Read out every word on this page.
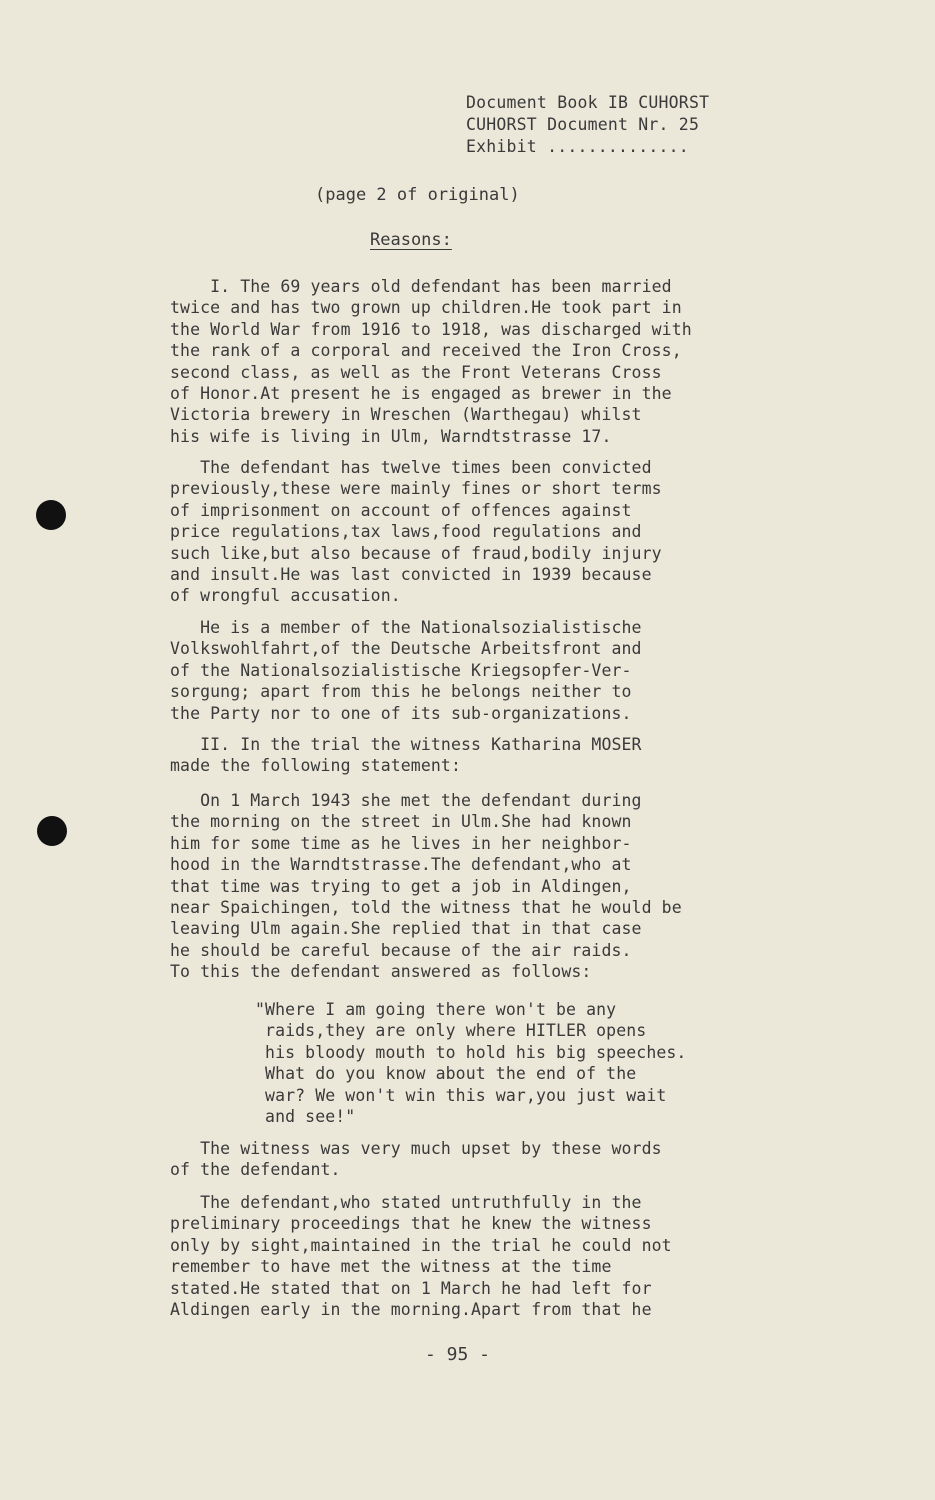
Document Book IB CUHORST
CUHORST Document Nr. 25
Exhibit ..............
(page 2 of original)
Reasons:
I. The 69 years old defendant has been married
twice and has two grown up children.He took part in
the World War from 1916 to 1918, was discharged with
the rank of a corporal and received the Iron Cross,
second class, as well as the Front Veterans Cross
of Honor.At present he is engaged as brewer in the
Victoria brewery in Wreschen (Warthegau) whilst
his wife is living in Ulm, Warndtstrasse 17.
The defendant has twelve times been convicted
previously,these were mainly fines or short terms
of imprisonment on account of offences against
price regulations,tax laws,food regulations and
such like,but also because of fraud,bodily injury
and insult.He was last convicted in 1939 because
of wrongful accusation.
He is a member of the Nationalsozialistische
Volkswohlfahrt,of the Deutsche Arbeitsfront and
of the Nationalsozialistische Kriegsopfer-Ver-
sorgung; apart from this he belongs neither to
the Party nor to one of its sub-organizations.
II. In the trial the witness Katharina MOSER
made the following statement:
On 1 March 1943 she met the defendant during
the morning on the street in Ulm.She had known
him for some time as he lives in her neighbor-
hood in the Warndtstrasse.The defendant,who at
that time was trying to get a job in Aldingen,
near Spaichingen, told the witness that he would be
leaving Ulm again.She replied that in that case
he should be careful because of the air raids.
To this the defendant answered as follows:
"Where I am going there won't be any
raids,they are only where HITLER opens
his bloody mouth to hold his big speeches.
What do you know about the end of the
war? We won't win this war,you just wait
and see!"
The witness was very much upset by these words
of the defendant.
The defendant,who stated untruthfully in the
preliminary proceedings that he knew the witness
only by sight,maintained in the trial he could not
remember to have met the witness at the time
stated.He stated that on 1 March he had left for
Aldingen early in the morning.Apart from that he
- 95 -
